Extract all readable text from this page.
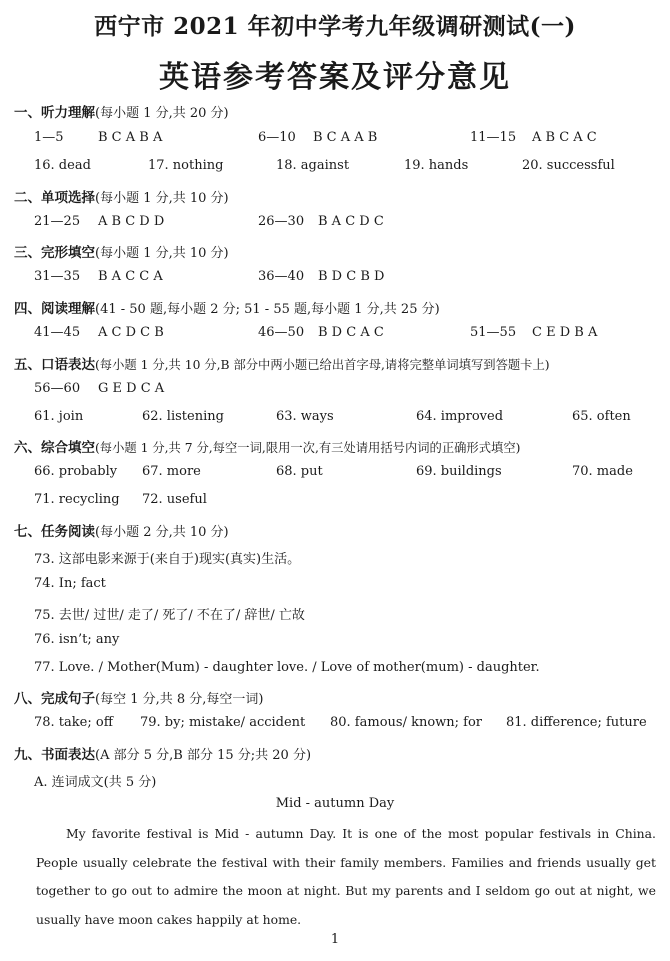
西宁市 2021 年初中学考九年级调研测试(一)
英语参考答案及评分意见
一、听力理解(每小题 1 分,共 20 分)
1—5	B C A B A	6—10 B C A A B	11—15 A B C A C
16. dead	17. nothing	18. against	19. hands	20. successful
二、单项选择(每小题 1 分,共 10 分)
21—25 A B C D D	26—30 B A C D C
三、完形填空(每小题 1 分,共 10 分)
31—35 B A C C A	36—40 B D C B D
四、阅读理解(41 - 50 题,每小题 2 分; 51 - 55 题,每小题 1 分,共 25 分)
41—45 A C D C B	46—50 B D C A C	51—55 C E D B A
五、口语表达(每小题 1 分,共 10 分,B 部分中两小题已给出首字母,请将完整单词填写到答题卡上)
56—60 G E D C A
61. join	62. listening	63. ways	64. improved	65. often
六、综合填空(每小题 1 分,共 7 分,每空一词,限用一次,有三处请用括号内词的正确形式填空)
66. probably 67. more	68. put	69. buildings	70. made
71. recycling 72. useful
七、任务阅读(每小题 2 分,共 10 分)
73. 这部电影来源于(来自于)现实(真实)生活。
74. In; fact
75. 去世/ 过世/ 走了/ 死了/ 不在了/ 辞世/ 亡故
76. isn’t; any
77. Love. / Mother(Mum) - daughter love. / Love of mother(mum) - daughter.
八、完成句子(每空 1 分,共 8 分,每空一词)
78. take; off 79. by; mistake/ accident 80. famous/ known; for 81. difference; future
九、书面表达(A 部分 5 分,B 部分 15 分;共 20 分)
A. 连词成文(共 5 分)
Mid - autumn Day

My favorite festival is Mid - autumn Day. It is one of the most popular festivals in China. People usually celebrate the festival with their family members. Families and friends usually get together to go out to admire the moon at night. But my parents and I seldom go out at night, we usually have moon cakes happily at home.

1
